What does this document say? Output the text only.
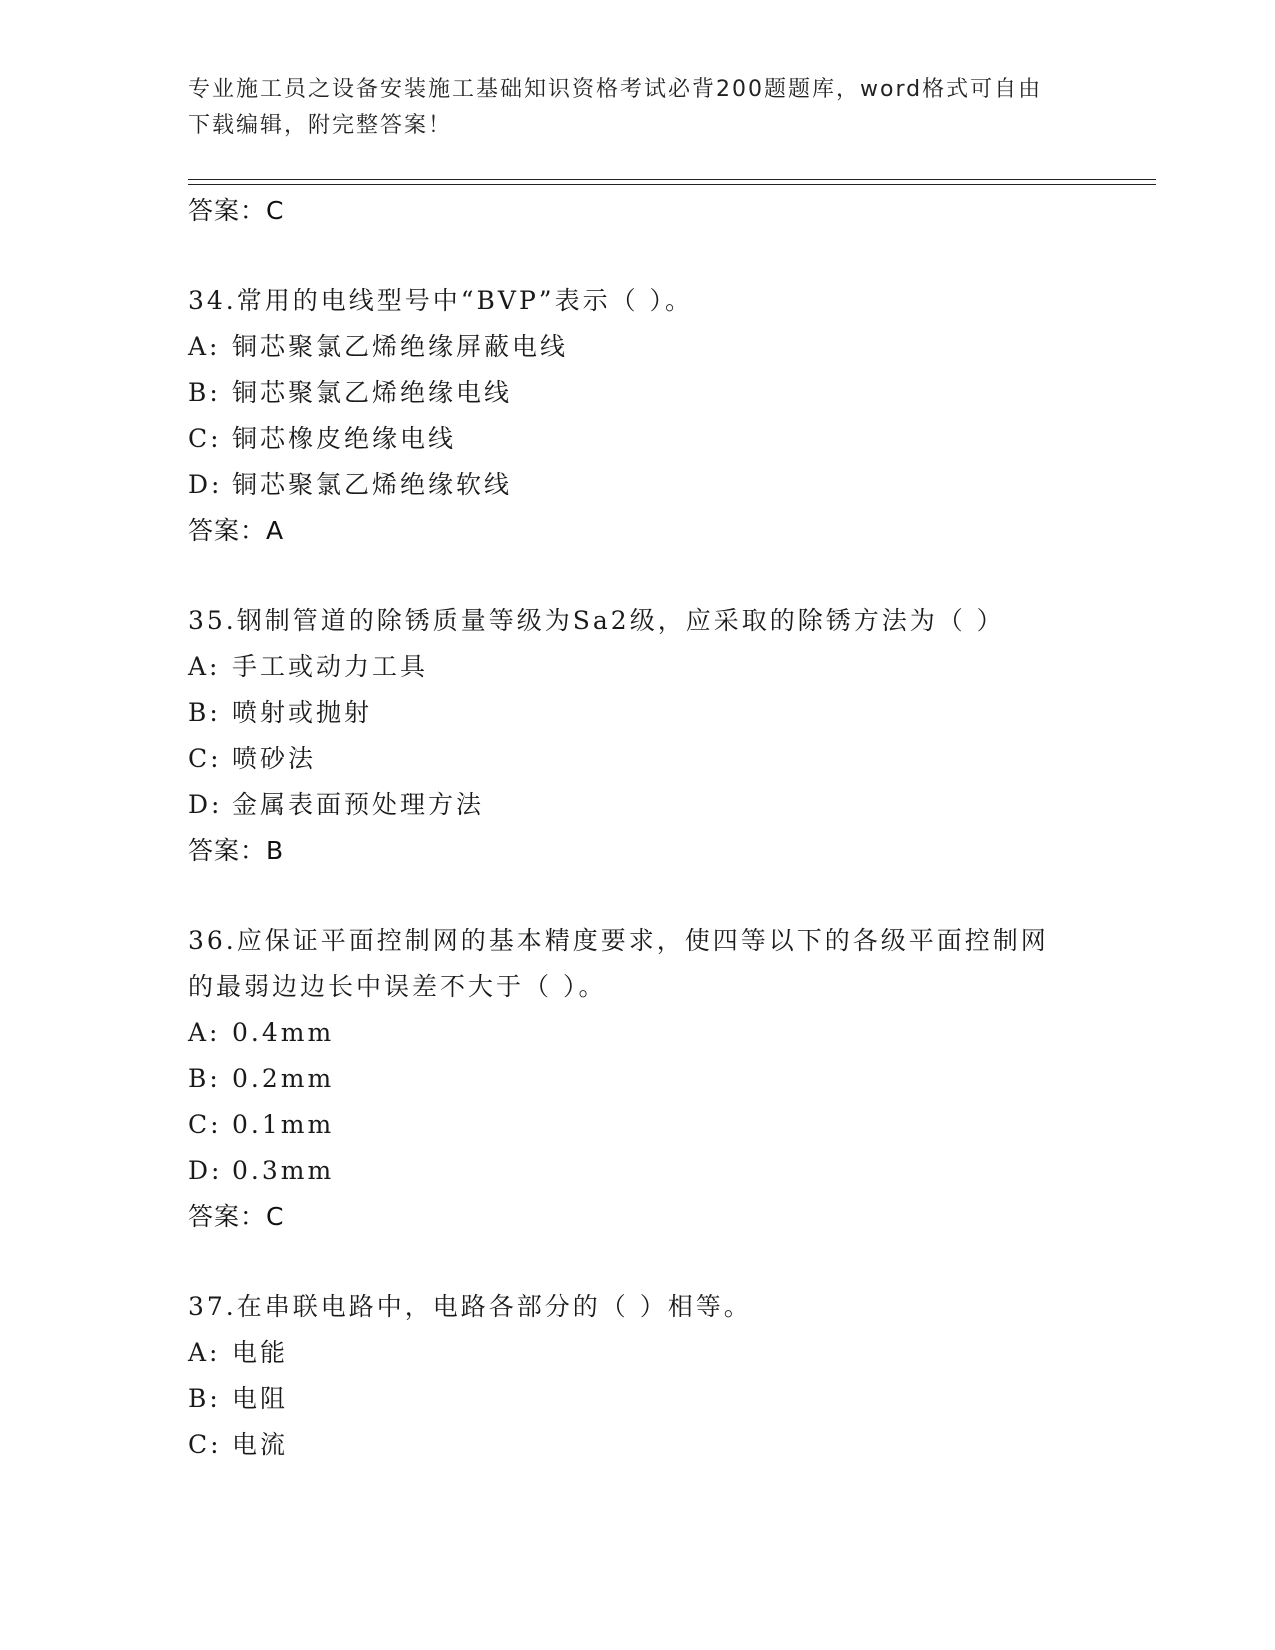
专业施工员之设备安装施工基础知识资格考试必背200题题库，word格式可自由
下载编辑，附完整答案！
答案：C
34.常用的电线型号中“BVP”表示（ ）。
A: 铜芯聚氯乙烯绝缘屏蔽电线
B: 铜芯聚氯乙烯绝缘电线
C: 铜芯橡皮绝缘电线
D: 铜芯聚氯乙烯绝缘软线
答案：A
35.钢制管道的除锈质量等级为Sa2级，应采取的除锈方法为（ ）
A: 手工或动力工具
B: 喷射或抛射
C: 喷砂法
D: 金属表面预处理方法
答案：B
36.应保证平面控制网的基本精度要求，使四等以下的各级平面控制网
的最弱边边长中误差不大于（ ）。
A: 0.4mm
B: 0.2mm
C: 0.1mm
D: 0.3mm
答案：C
37.在串联电路中，电路各部分的（ ）相等。
A: 电能
B: 电阻
C: 电流
